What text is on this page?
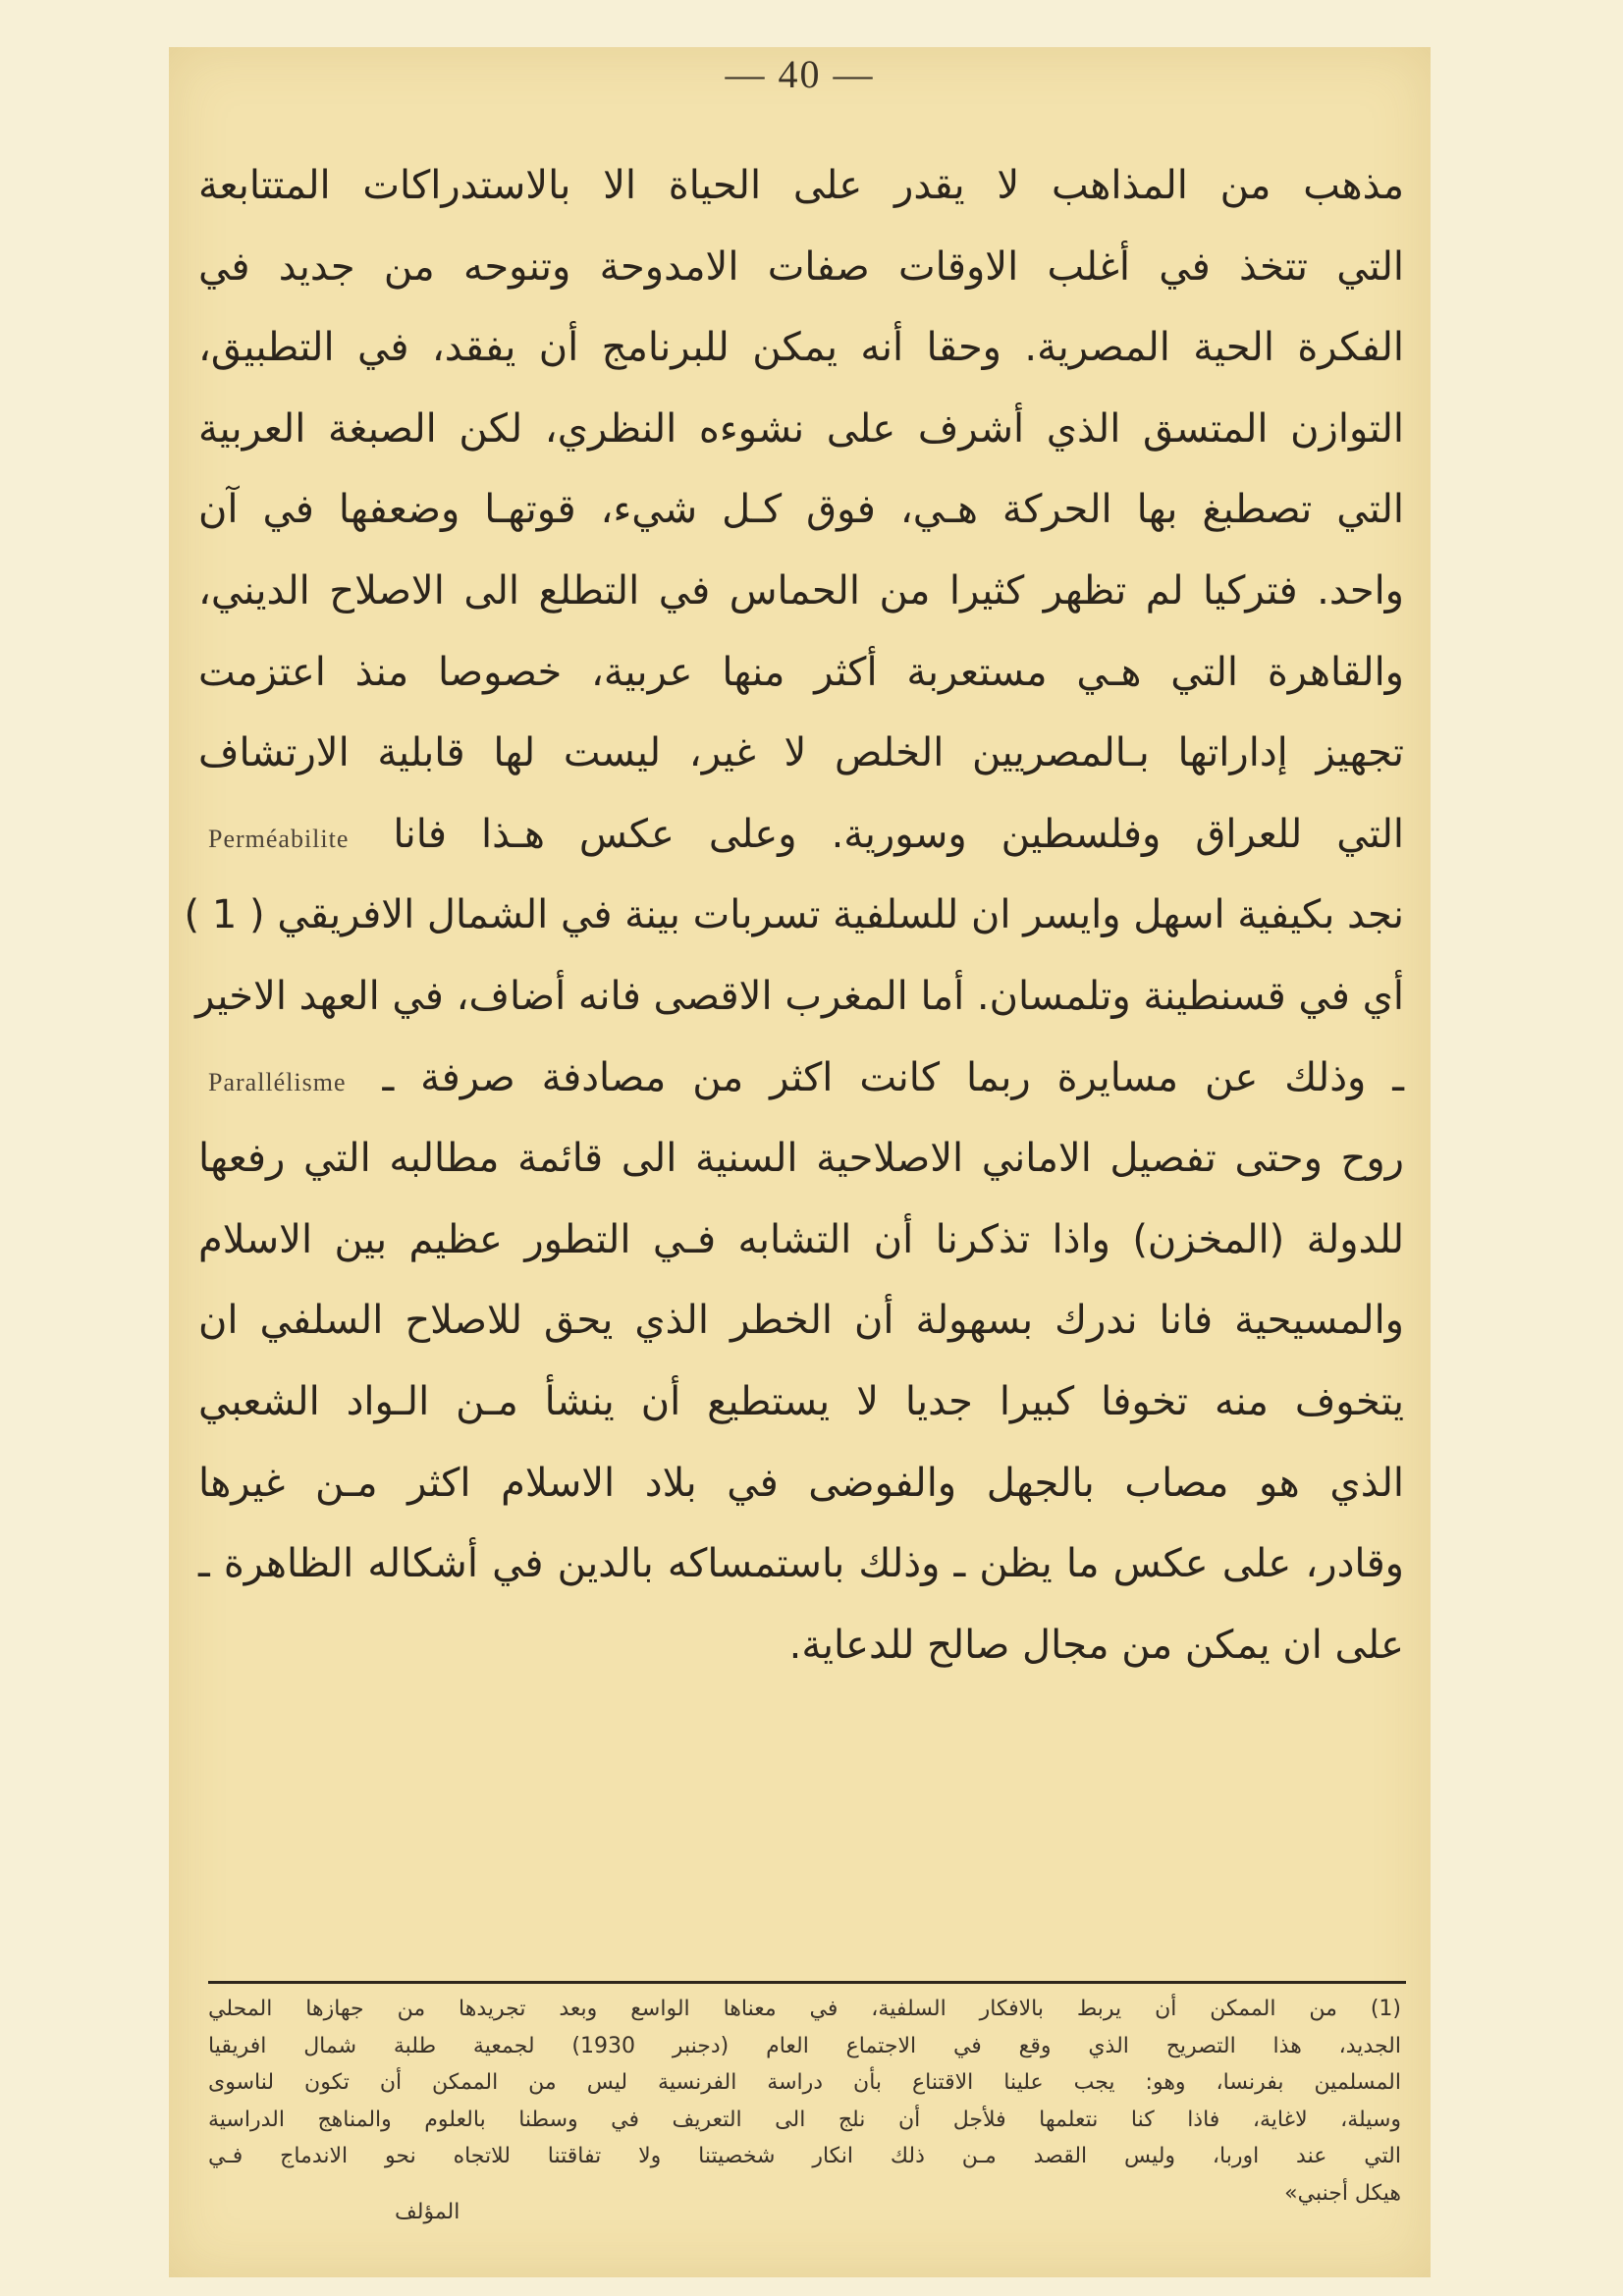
— 40 —
مذهب من المذاهب لا يقدر على الحياة الا بالاستدراكات المتتابعة
التي تتخذ في أغلب الاوقات صفات الامدوحة وتنوحه من جديد في
الفكرة الحية المصرية. وحقا أنه يمكن للبرنامج أن يفقد، في التطبيق،
التوازن المتسق الذي أشرف على نشوءه النظري، لكن الصبغة العربية
التي تصطبغ بها الحركة هـي، فوق كـل شيء، قوتهـا وضعفها في آن
واحد. فتركيا لم تظهر كثيرا من الحماس في التطلع الى الاصلاح الديني،
والقاهرة التي هـي مستعربة أكثر منها عربية، خصوصا منذ اعتزمت
تجهيز إداراتها بـالمصريين الخلص لا غير، ليست لها قابلية الارتشاف
التي للعراق وفلسطين وسورية. وعلى عكس هـذا فانا Perméabilite
نجد بكيفية اسهل وايسر ان للسلفية تسربات بينة في الشمال الافريقي ( 1 )
أي في قسنطينة وتلمسان. أما المغرب الاقصى فانه أضاف، في العهد الاخير
ـ وذلك عن مسايرة ربما كانت اكثر من مصادفة صرفة ـ Parallélisme
روح وحتى تفصيل الاماني الاصلاحية السنية الى قائمة مطالبه التي رفعها
للدولة (المخزن) واذا تذكرنا أن التشابه فـي التطور عظيم بين الاسلام
والمسيحية فانا ندرك بسهولة أن الخطر الذي يحق للاصلاح السلفي ان
يتخوف منه تخوفا كبيرا جديا لا يستطيع أن ينشأ مـن الـواد الشعبي
الذي هو مصاب بالجهل والفوضى في بلاد الاسلام اكثر مـن غيرها
وقادر، على عكس ما يظن ـ وذلك باستمساكه بالدين في أشكاله الظاهرة ـ
على ان يمكن من مجال صالح للدعاية.
(1) من الممكن أن يربط بالافكار السلفية، في معناها الواسع وبعد تجريدها من جهازها المحلي
الجديد، هذا التصريح الذي وقع في الاجتماع العام (دجنبر 1930) لجمعية طلبة شمال افريقيا
المسلمين بفرنسا، وهو: يجب علينا الاقتناع بأن دراسة الفرنسية ليس من الممكن أن تكون لناسوى
وسيلة، لاغاية، فاذا كنا نتعلمها فلأجل أن نلج الى التعريف في وسطنا بالعلوم والمناهج الدراسية
التي عند اوربا، وليس القصد مـن ذلك انكار شخصيتنا ولا تفاقتنا للاتجاه نحو الاندماج فـي
هيكل أجنبي»
المؤلف
